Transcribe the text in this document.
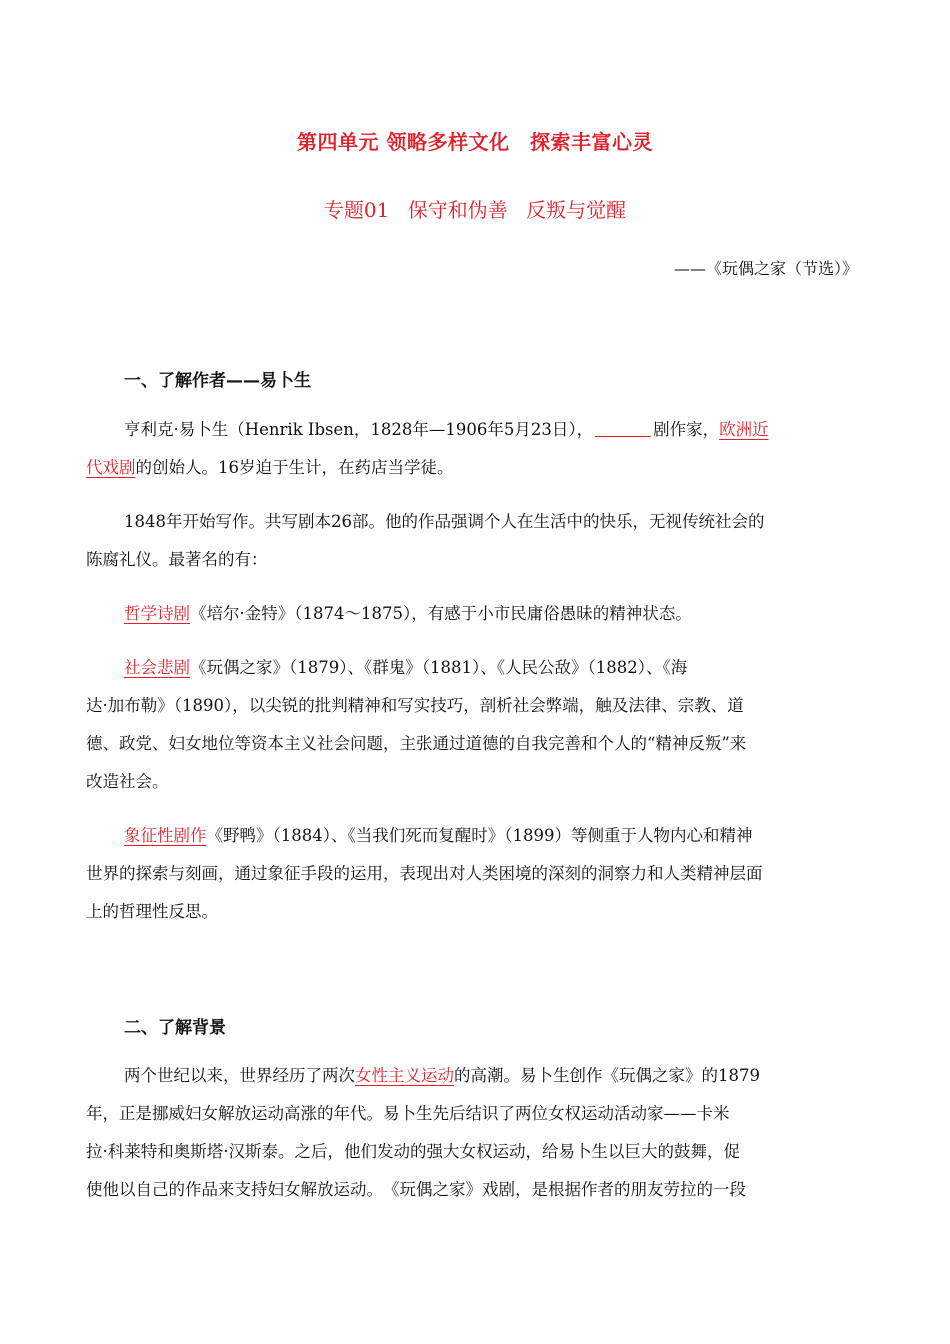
第四单元 领略多样文化　探索丰富心灵
专题01 保守和伪善 反叛与觉醒
——《玩偶之家（节选）》
一、了解作者——易卜生
亨利克·易卜生（Henrik Ibsen，1828年—1906年5月23日），	剧作家，欧洲近
代戏剧的创始人。16岁迫于生计，在药店当学徒。
1848年开始写作。共写剧本26部。他的作品强调个人在生活中的快乐，无视传统社会的
陈腐礼仪。最著名的有：
哲学诗剧《培尔·金特》（1874～1875），有感于小市民庸俗愚昧的精神状态。
社会悲剧《玩偶之家》（1879）、《群鬼》（1881）、《人民公敌》（1882）、《海
达·加布勒》（1890），以尖锐的批判精神和写实技巧，剖析社会弊端，触及法律、宗教、道
德、政党、妇女地位等资本主义社会问题，主张通过道德的自我完善和个人的“精神反叛”来
改造社会。
象征性剧作《野鸭》（1884）、《当我们死而复醒时》（1899）等侧重于人物内心和精神
世界的探索与刻画，通过象征手段的运用，表现出对人类困境的深刻的洞察力和人类精神层面
上的哲理性反思。
二、了解背景
两个世纪以来，世界经历了两次女性主义运动的高潮。易卜生创作《玩偶之家》的1879
年，正是挪威妇女解放运动高涨的年代。易卜生先后结识了两位女权运动活动家——卡米
拉·科莱特和奥斯塔·汉斯泰。之后，他们发动的强大女权运动，给易卜生以巨大的鼓舞，促
使他以自己的作品来支持妇女解放运动。　《玩偶之家》戏剧，是根据作者的朋友劳拉的一段
